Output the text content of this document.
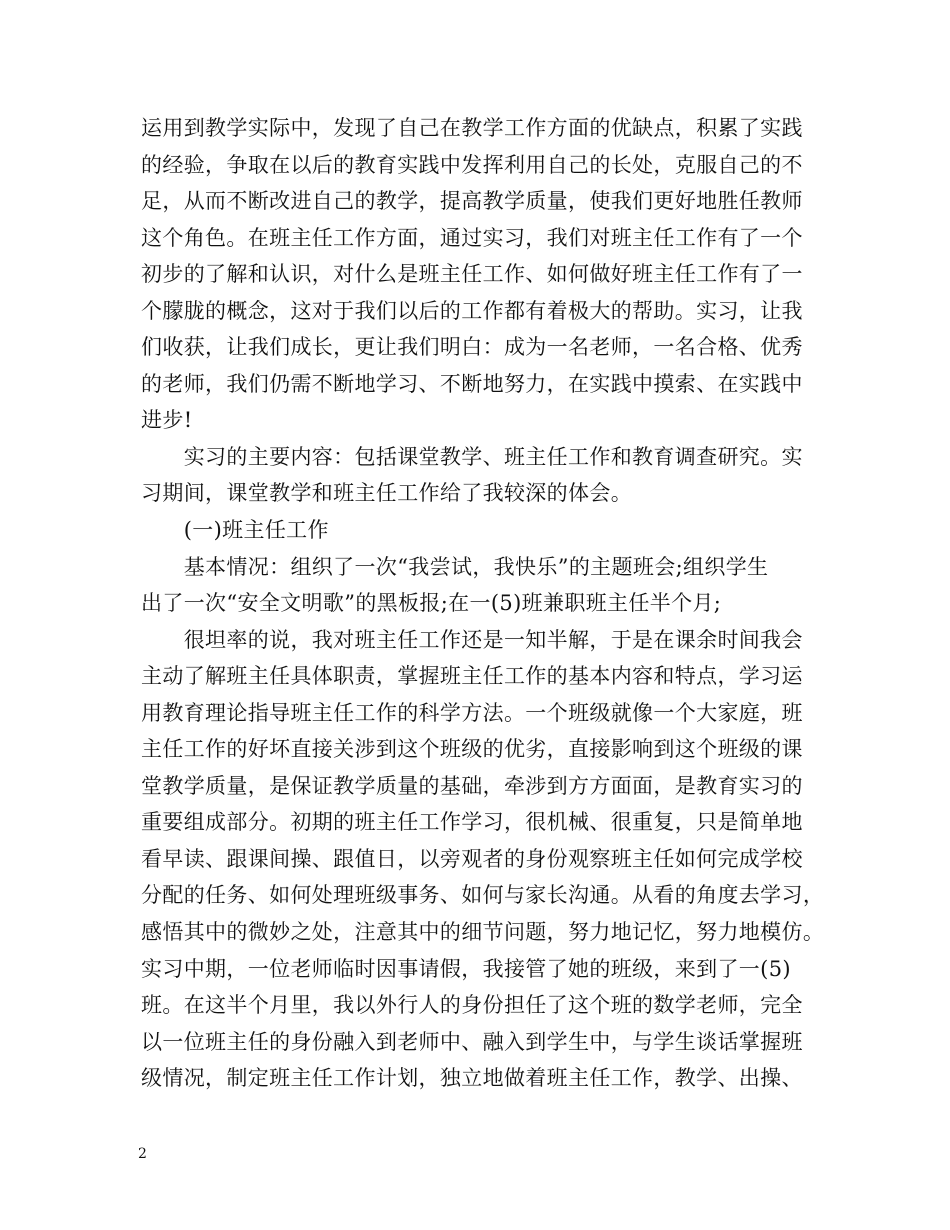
运用到教学实际中，发现了自己在教学工作方面的优缺点，积累了实践
的经验，争取在以后的教育实践中发挥利用自己的长处，克服自己的不
足，从而不断改进自己的教学，提高教学质量，使我们更好地胜任教师
这个角色。在班主任工作方面，通过实习，我们对班主任工作有了一个
初步的了解和认识，对什么是班主任工作、如何做好班主任工作有了一
个朦胧的概念，这对于我们以后的工作都有着极大的帮助。实习，让我
们收获，让我们成长，更让我们明白：成为一名老师，一名合格、优秀
的老师，我们仍需不断地学习、不断地努力，在实践中摸索、在实践中
进步!
　　实习的主要内容：包括课堂教学、班主任工作和教育调查研究。实
习期间，课堂教学和班主任工作给了我较深的体会。
　　(一)班主任工作
　　基本情况：组织了一次“我尝试，我快乐”的主题班会;组织学生
出了一次“安全文明歌”的黑板报;在一(5)班兼职班主任半个月;
　　很坦率的说，我对班主任工作还是一知半解，于是在课余时间我会
主动了解班主任具体职责，掌握班主任工作的基本内容和特点，学习运
用教育理论指导班主任工作的科学方法。一个班级就像一个大家庭，班
主任工作的好坏直接关涉到这个班级的优劣，直接影响到这个班级的课
堂教学质量，是保证教学质量的基础，牵涉到方方面面，是教育实习的
重要组成部分。初期的班主任工作学习，很机械、很重复，只是简单地
看早读、跟课间操、跟值日，以旁观者的身份观察班主任如何完成学校
分配的任务、如何处理班级事务、如何与家长沟通。从看的角度去学习，
感悟其中的微妙之处，注意其中的细节问题，努力地记忆，努力地模仿。
实习中期，一位老师临时因事请假，我接管了她的班级，来到了一(5)
班。在这半个月里，我以外行人的身份担任了这个班的数学老师，完全
以一位班主任的身份融入到老师中、融入到学生中，与学生谈话掌握班
级情况，制定班主任工作计划，独立地做着班主任工作，教学、出操、
2
